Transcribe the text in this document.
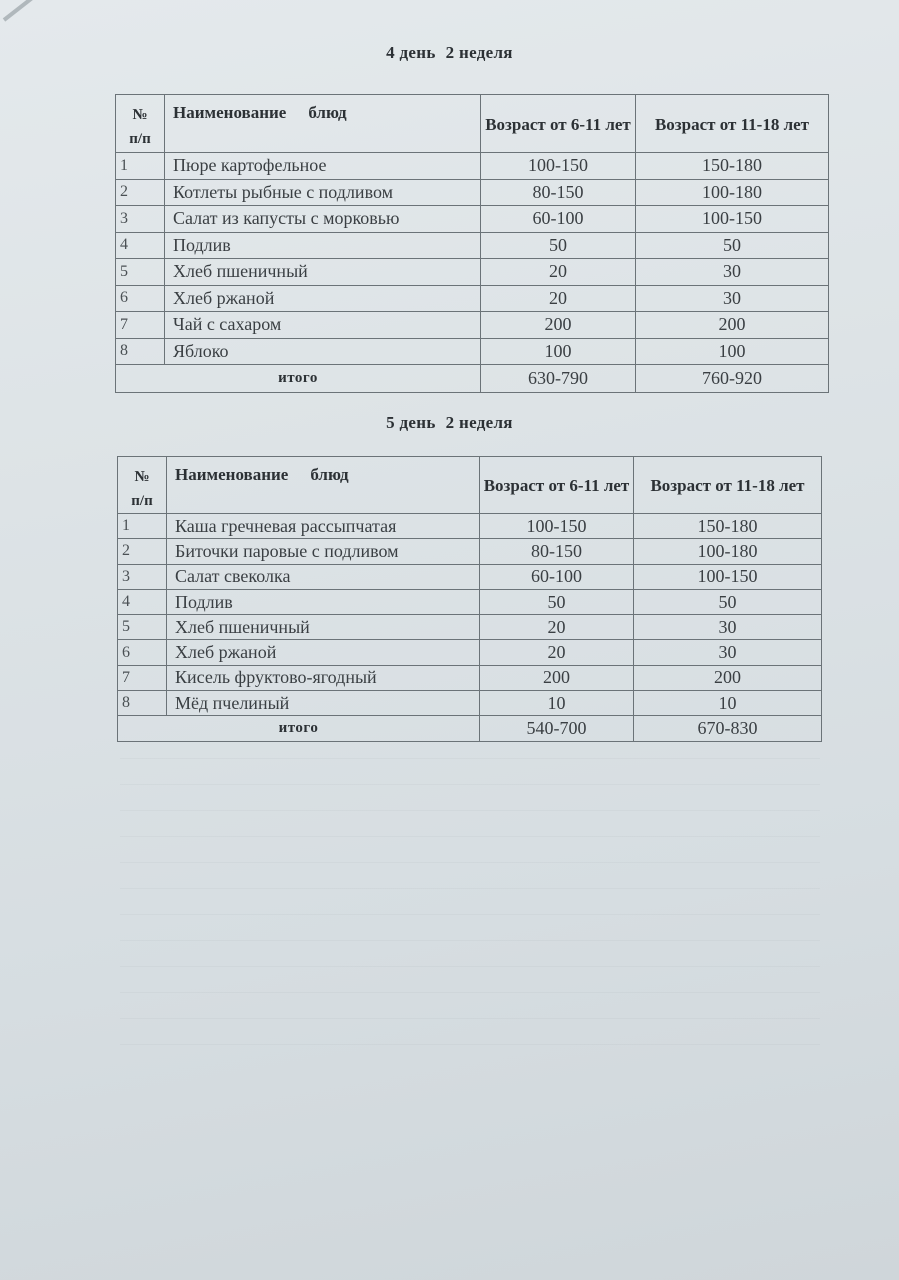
4 день 2 неделя
№
п/п	Наименование блюд	Возраст от 6-11 лет	Возраст от 11-18 лет
1	Пюре картофельное	100-150	150-180
2	Котлеты рыбные с подливом	80-150	100-180
3	Салат из капусты с морковью	60-100	100-150
4	Подлив	50	50
5	Хлеб пшеничный	20	30
6	Хлеб ржаной	20	30
7	Чай с сахаром	200	200
8	Яблоко	100	100
итого		630-790	760-920
5 день 2 неделя
№
п/п	Наименование блюд	Возраст от 6-11 лет	Возраст от 11-18 лет
1	Каша гречневая рассыпчатая	100-150	150-180
2	Биточки паровые с подливом	80-150	100-180
3	Салат свеколка	60-100	100-150
4	Подлив	50	50
5	Хлеб пшеничный	20	30
6	Хлеб ржаной	20	30
7	Кисель фруктово-ягодный	200	200
8	Мёд пчелиный	10	10
итого		540-700	670-830
